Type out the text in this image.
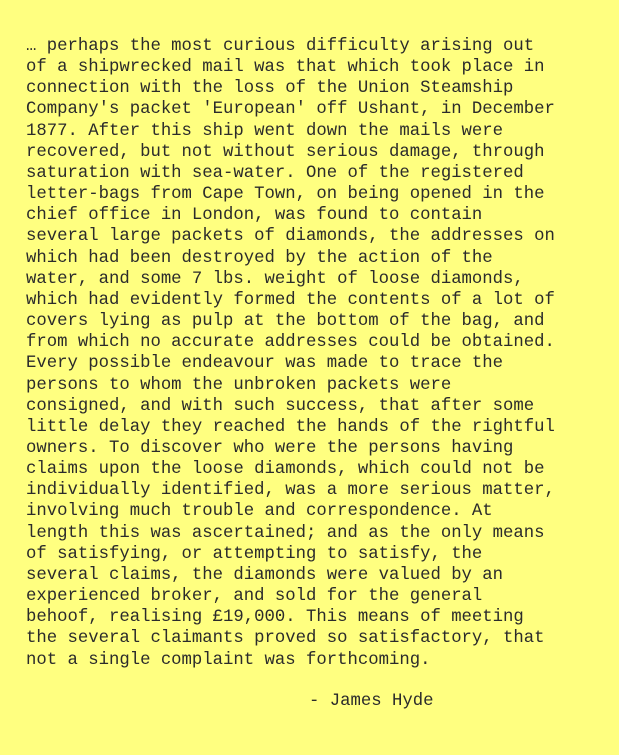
… perhaps the most curious difficulty arising out
of a shipwrecked mail was that which took place in
connection with the loss of the Union Steamship
Company's packet 'European' off Ushant, in December
1877. After this ship went down the mails were
recovered, but not without serious damage, through
saturation with sea-water. One of the registered
letter-bags from Cape Town, on being opened in the
chief office in London, was found to contain
several large packets of diamonds, the addresses on
which had been destroyed by the action of the
water, and some 7 lbs. weight of loose diamonds,
which had evidently formed the contents of a lot of
covers lying as pulp at the bottom of the bag, and
from which no accurate addresses could be obtained.
Every possible endeavour was made to trace the
persons to whom the unbroken packets were
consigned, and with such success, that after some
little delay they reached the hands of the rightful
owners. To discover who were the persons having
claims upon the loose diamonds, which could not be
individually identified, was a more serious matter,
involving much trouble and correspondence. At
length this was ascertained; and as the only means
of satisfying, or attempting to satisfy, the
several claims, the diamonds were valued by an
experienced broker, and sold for the general
behoof, realising £19,000. This means of meeting
the several claimants proved so satisfactory, that
not a single complaint was forthcoming.
- James Hyde
